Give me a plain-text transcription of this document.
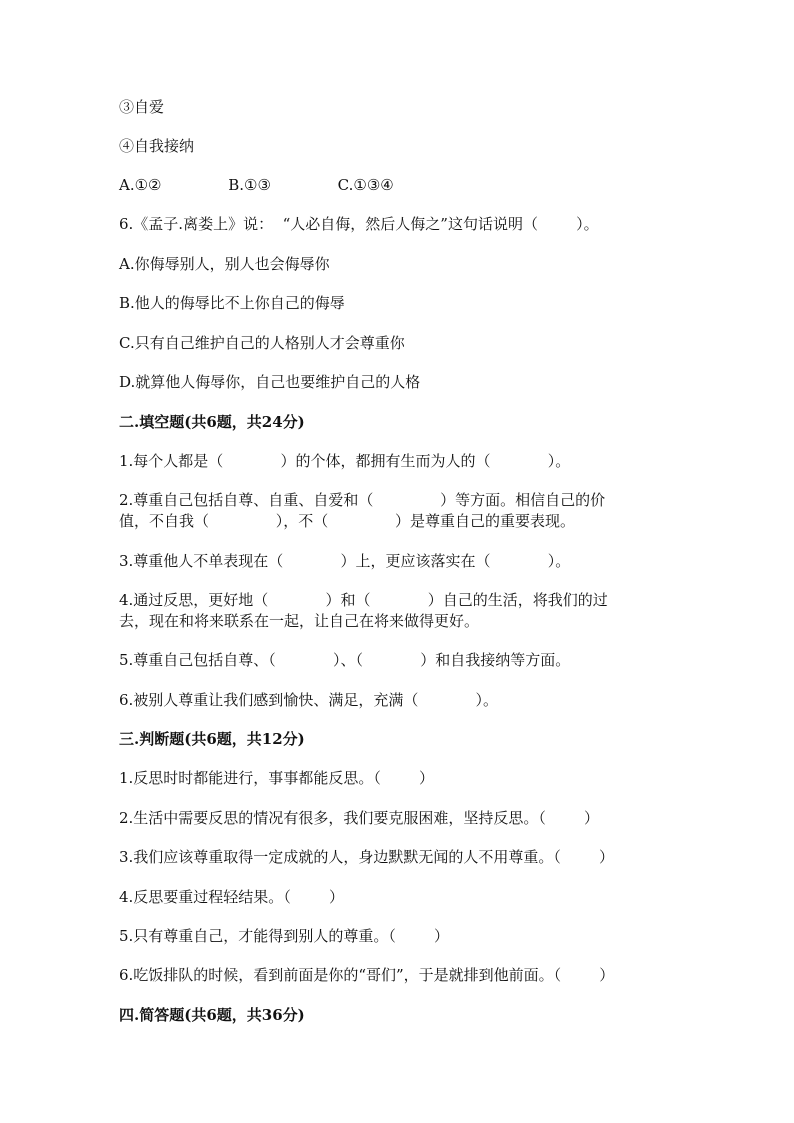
③自爱
④自我接纳
A.①②              B.①③              C.①③④
6.《孟子.离娄上》说：  “人必自侮，然后人侮之”这句话说明（        ）。
A.你侮辱别人，别人也会侮辱你
B.他人的侮辱比不上你自己的侮辱
C.只有自己维护自己的人格别人才会尊重你
D.就算他人侮辱你，自己也要维护自己的人格
二.填空题(共6题，共24分)
1.每个人都是（            ）的个体，都拥有生而为人的（            ）。
2.尊重自己包括自尊、自重、自爱和（              ）等方面。相信自己的价
值，不自我（              ），不（              ）是尊重自己的重要表现。
3.尊重他人不单表现在（            ）上，更应该落实在（            ）。
4.通过反思，更好地（            ）和（            ）自己的生活，将我们的过
去，现在和将来联系在一起，让自己在将来做得更好。
5.尊重自己包括自尊、（            ）、（            ）和自我接纳等方面。
6.被别人尊重让我们感到愉快、满足，充满（            ）。
三.判断题(共6题，共12分)
1.反思时时都能进行，事事都能反思。（        ）
2.生活中需要反思的情况有很多，我们要克服困难，坚持反思。（        ）
3.我们应该尊重取得一定成就的人，身边默默无闻的人不用尊重。（        ）
4.反思要重过程轻结果。（        ）
5.只有尊重自己，才能得到别人的尊重。（        ）
6.吃饭排队的时候，看到前面是你的“哥们”，于是就排到他前面。（        ）
四.简答题(共6题，共36分)
